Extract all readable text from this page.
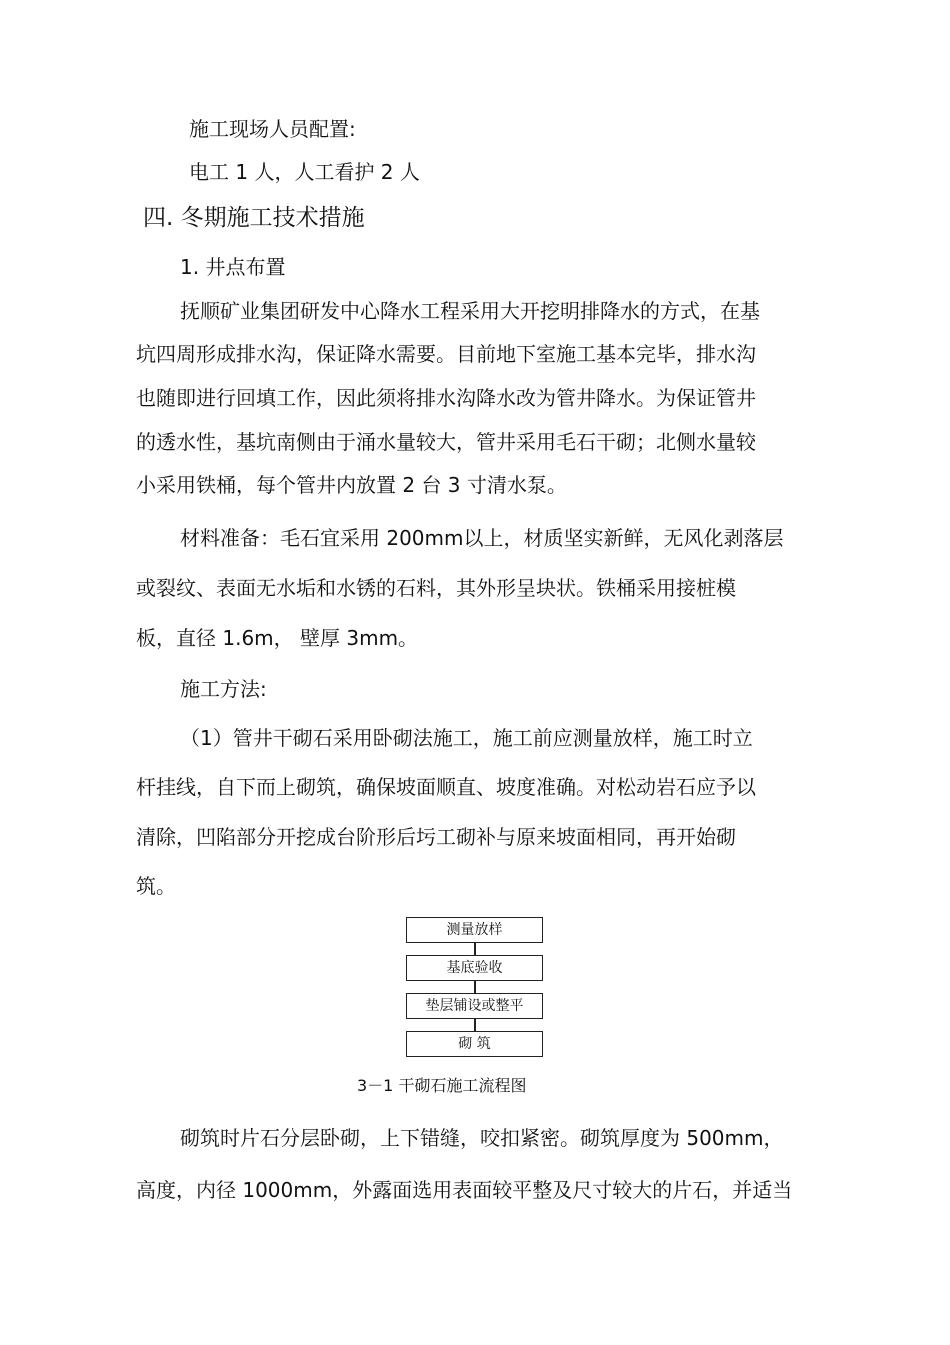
施工现场人员配置:
电工 1 人，人工看护 2 人
四. 冬期施工技术措施
1. 井点布置
抚顺矿业集团研发中心降水工程采用大开挖明排降水的方式，在基
坑四周形成排水沟，保证降水需要。目前地下室施工基本完毕，排水沟
也随即进行回填工作，因此须将排水沟降水改为管井降水。为保证管井
的透水性，基坑南侧由于涌水量较大，管井采用毛石干砌；北侧水量较
小采用铁桶，每个管井内放置 2 台 3 寸清水泵。
材料准备：毛石宜采用 200mm以上，材质坚实新鲜，无风化剥落层
或裂纹、表面无水垢和水锈的石料，其外形呈块状。铁桶采用接桩模
板，直径 1.6m， 壁厚 3mm。
施工方法:
（1）管井干砌石采用卧砌法施工，施工前应测量放样，施工时立
杆挂线，自下而上砌筑，确保坡面顺直、坡度准确。对松动岩石应予以
清除，凹陷部分开挖成台阶形后圬工砌补与原来坡面相同，再开始砌
筑。
测量放样
基底验收
垫层铺设或整平
砌 筑
3－1 干砌石施工流程图
砌筑时片石分层卧砌，上下错缝，咬扣紧密。砌筑厚度为 500mm，
高度，内径 1000mm，外露面选用表面较平整及尺寸较大的片石，并适当
